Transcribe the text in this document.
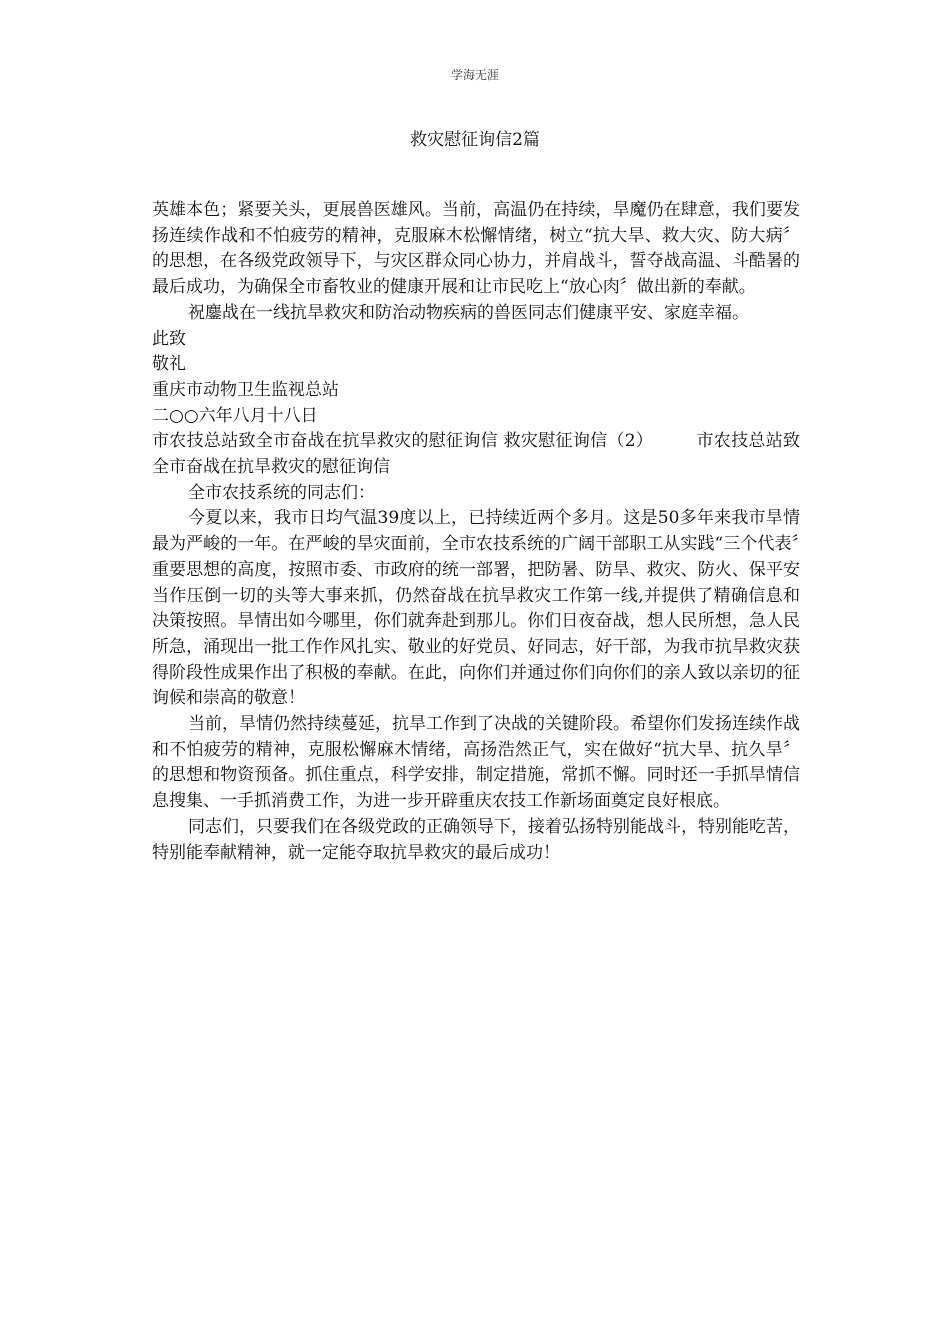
学海无涯
救灾慰征询信2篇

英雄本色；紧要关头，更展兽医雄风。当前，高温仍在持续，旱魔仍在肆意，我们要发扬连续作战和不怕疲劳的精神，克服麻木松懈情绪，树立“抗大旱、救大灾、防大病〞的思想，在各级党政领导下，与灾区群众同心协力，并肩战斗，誓夺战高温、斗酷暑的最后成功，为确保全市畜牧业的健康开展和让市民吃上“放心肉〞做出新的奉献。

祝鏖战在一线抗旱救灾和防治动物疾病的兽医同志们健康平安、家庭幸福。

此致

敬礼

重庆市动物卫生监视总站

二○○六年八月十八日

市农技总站致全市奋战在抗旱救灾的慰征询信 救灾慰征询信（2）　　　市农技总站致全市奋战在抗旱救灾的慰征询信

全市农技系统的同志们：

今夏以来，我市日均气温39度以上，已持续近两个多月。这是50多年来我市旱情最为严峻的一年。在严峻的旱灾面前，全市农技系统的广阔干部职工从实践“三个代表〞重要思想的高度，按照市委、市政府的统一部署，把防暑、防旱、救灾、防火、保平安当作压倒一切的头等大事来抓，仍然奋战在抗旱救灾工作第一线,并提供了精确信息和决策按照。旱情出如今哪里，你们就奔赴到那儿。你们日夜奋战，想人民所想，急人民所急，涌现出一批工作作风扎实、敬业的好党员、好同志，好干部，为我市抗旱救灾获得阶段性成果作出了积极的奉献。在此，向你们并通过你们向你们的亲人致以亲切的征询候和崇高的敬意！

当前，旱情仍然持续蔓延，抗旱工作到了决战的关键阶段。希望你们发扬连续作战和不怕疲劳的精神，克服松懈麻木情绪，高扬浩然正气，实在做好“抗大旱、抗久旱〞的思想和物资预备。抓住重点，科学安排，制定措施，常抓不懈。同时还一手抓旱情信息搜集、一手抓消费工作，为进一步开辟重庆农技工作新场面奠定良好根底。

同志们，只要我们在各级党政的正确领导下，接着弘扬特别能战斗，特别能吃苦，特别能奉献精神，就一定能夺取抗旱救灾的最后成功！
